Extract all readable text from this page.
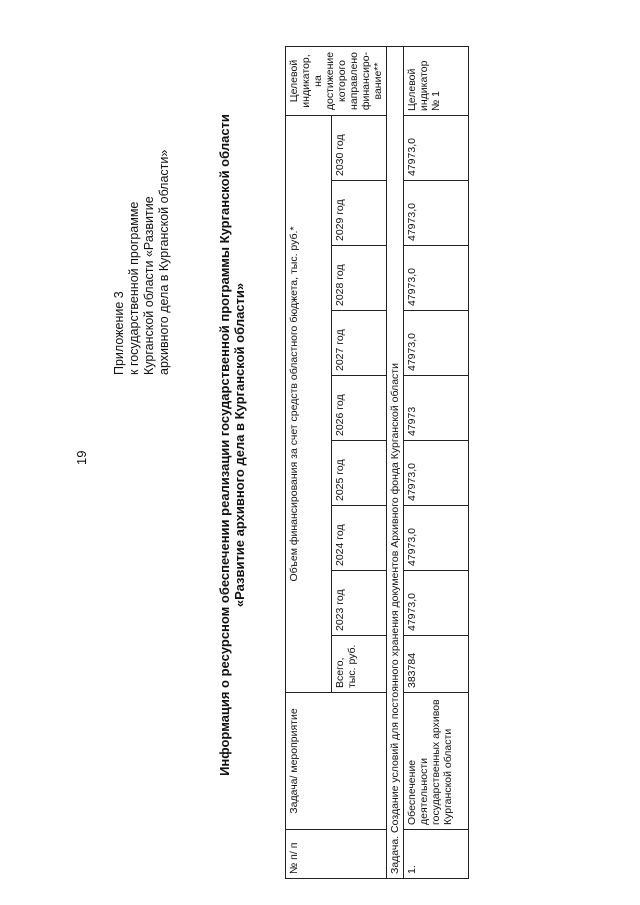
19
Приложение 3 к государственной программе Курганской области «Развитие архивного дела в Курганской области»	Информация о ресурсном обеспечении реализации государственной программы Курганской области «Развитие архивного дела в Курганской области»
№ п/ п	Задача/ мероприятие	Объем финансирования за счет средств областного бюджета, тыс. руб.*									Целевой индикатор, на достижение которого направлено финансиро- вание**
		Всего, тыс. руб.	2023 год	2024 год	2025 год	2026 год	2027 год	2028 год	2029 год	2030 год	
Задача. Создание условий для постоянного хранения документов Архивного фонда Курганской области											
1.	Обеспечение деятельности государственных архивов Курганской области	383784	47973,0	47973,0	47973,0	47973	47973,0	47973,0	47973,0	47973,0	Целевой индикатор № 1
